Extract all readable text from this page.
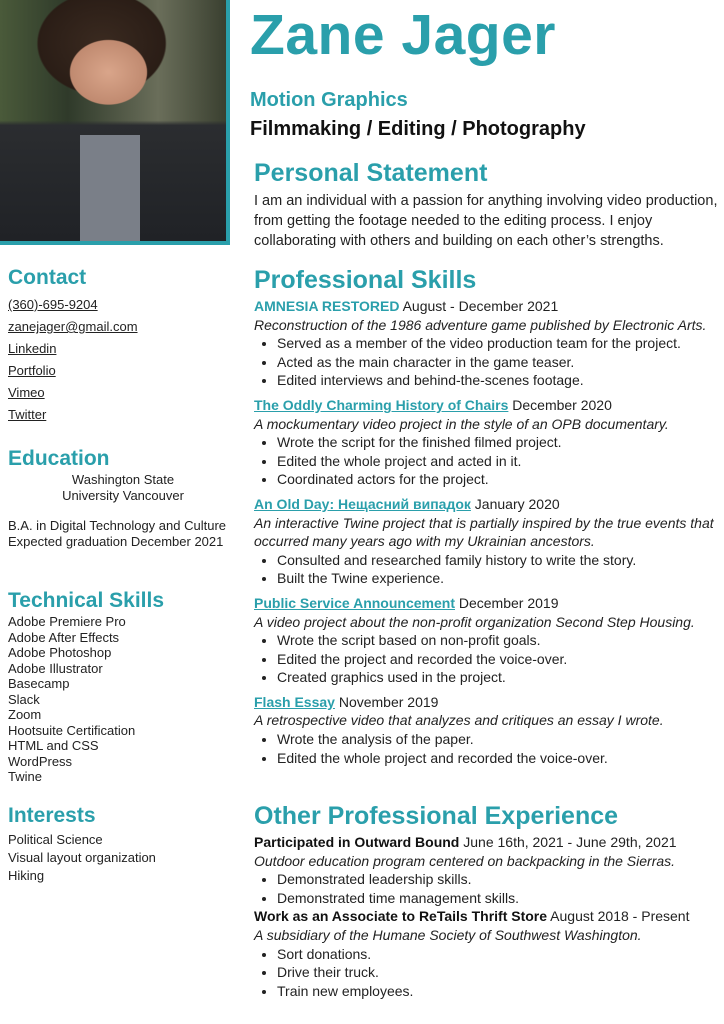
Zane Jager
Motion Graphics
Filmmaking / Editing / Photography
Personal Statement

I am an individual with a passion for anything involving video production, from getting the footage needed to the editing process. I enjoy collaborating with others and building on each other’s strengths.

Contact
(360)-695-9204
zanejager@gmail.com
Linkedin
Portfolio
Vimeo
Twitter
Education
Washington State University Vancouver
B.A. in Digital Technology and Culture
Expected graduation December 2021
Technical Skills
Adobe Premiere Pro
Adobe After Effects
Adobe Photoshop
Adobe Illustrator
Basecamp
Slack
Zoom
Hootsuite Certification
HTML and CSS
WordPress
Twine
Interests
Political Science
Visual layout organization
Hiking
Professional Skills
AMNESIA RESTORED August - December 2021
Reconstruction of the 1986 adventure game published by Electronic Arts.
• Served as a member of the video production team for the project.
• Acted as the main character in the game teaser.
• Edited interviews and behind-the-scenes footage.
The Oddly Charming History of Chairs December 2020
A mockumentary video project in the style of an OPB documentary.
• Wrote the script for the finished filmed project.
• Edited the whole project and acted in it.
• Coordinated actors for the project.
An Old Day: Нещасний випадок January 2020
An interactive Twine project that is partially inspired by the true events that occurred many years ago with my Ukrainian ancestors.
• Consulted and researched family history to write the story.
• Built the Twine experience.
Public Service Announcement December 2019
A video project about the non-profit organization Second Step Housing.
• Wrote the script based on non-profit goals.
• Edited the project and recorded the voice-over.
• Created graphics used in the project.
Flash Essay November 2019
A retrospective video that analyzes and critiques an essay I wrote.
• Wrote the analysis of the paper.
• Edited the whole project and recorded the voice-over.
Other Professional Experience
Participated in Outward Bound June 16th, 2021 - June 29th, 2021
Outdoor education program centered on backpacking in the Sierras.
• Demonstrated leadership skills.
• Demonstrated time management skills.
Work as an Associate to ReTails Thrift Store August 2018 - Present
A subsidiary of the Humane Society of Southwest Washington.
• Sort donations.
• Drive their truck.
• Train new employees.
